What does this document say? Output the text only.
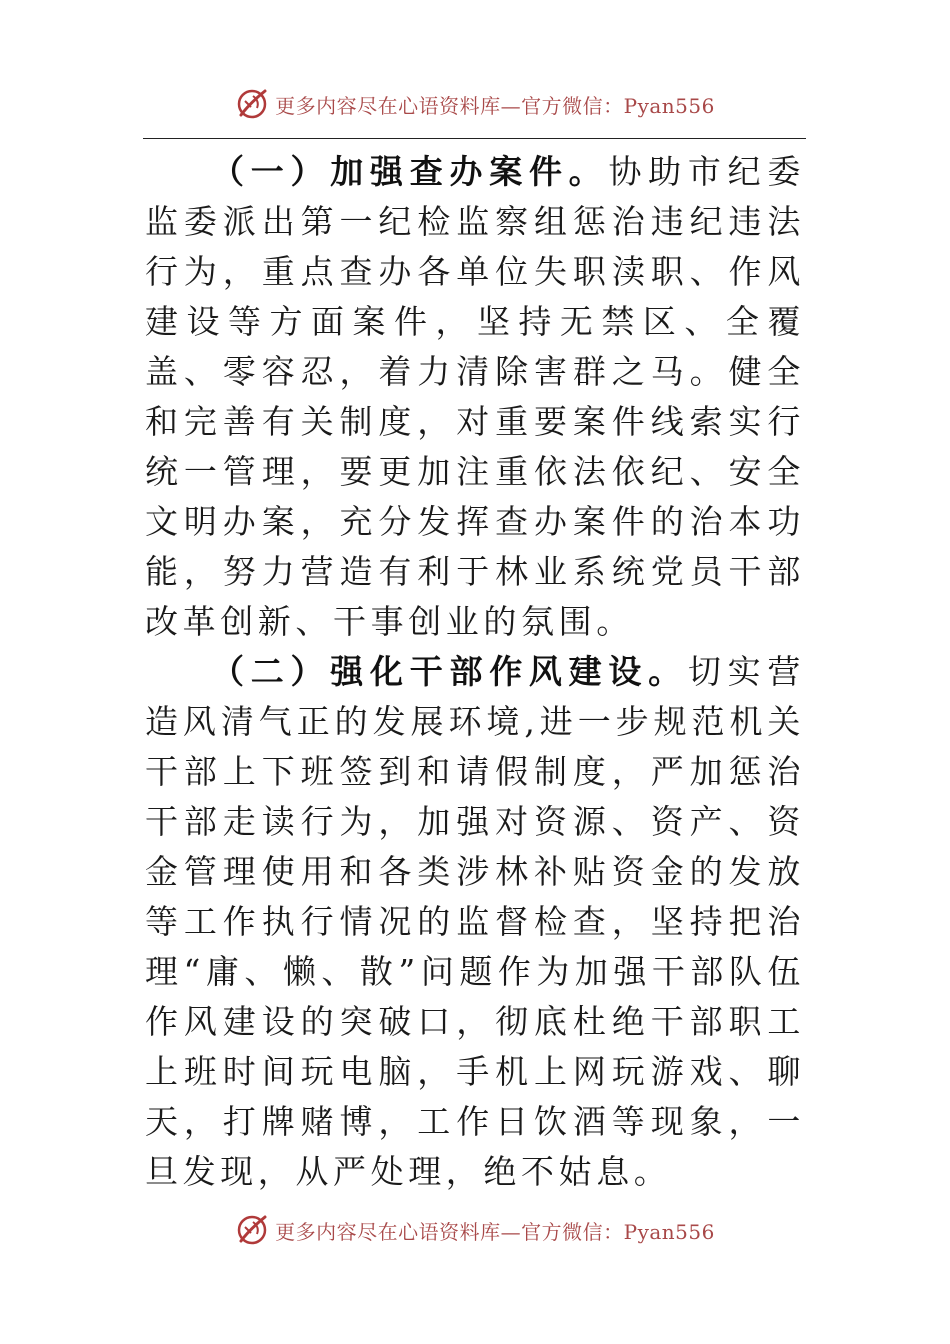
更多内容尽在心语资料库—官方微信：Pyan556

（一）加强查办案件。协助市纪委监委派出第一纪检监察组惩治违纪违法行为，重点查办各单位失职渎职、作风建设等方面案件，坚持无禁区、全覆盖、零容忍，着力清除害群之马。健全和完善有关制度，对重要案件线索实行统一管理，要更加注重依法依纪、安全文明办案，充分发挥查办案件的治本功能，努力营造有利于林业系统党员干部改革创新、干事创业的氛围。

（二）强化干部作风建设。切实营造风清气正的发展环境,进一步规范机关干部上下班签到和请假制度，严加惩治干部走读行为，加强对资源、资产、资金管理使用和各类涉林补贴资金的发放等工作执行情况的监督检查，坚持把治理“庸、懒、散”问题作为加强干部队伍作风建设的突破口，彻底杜绝干部职工上班时间玩电脑，手机上网玩游戏、聊天，打牌赌博，工作日饮酒等现象，一旦发现，从严处理，绝不姑息。

更多内容尽在心语资料库—官方微信：Pyan556
